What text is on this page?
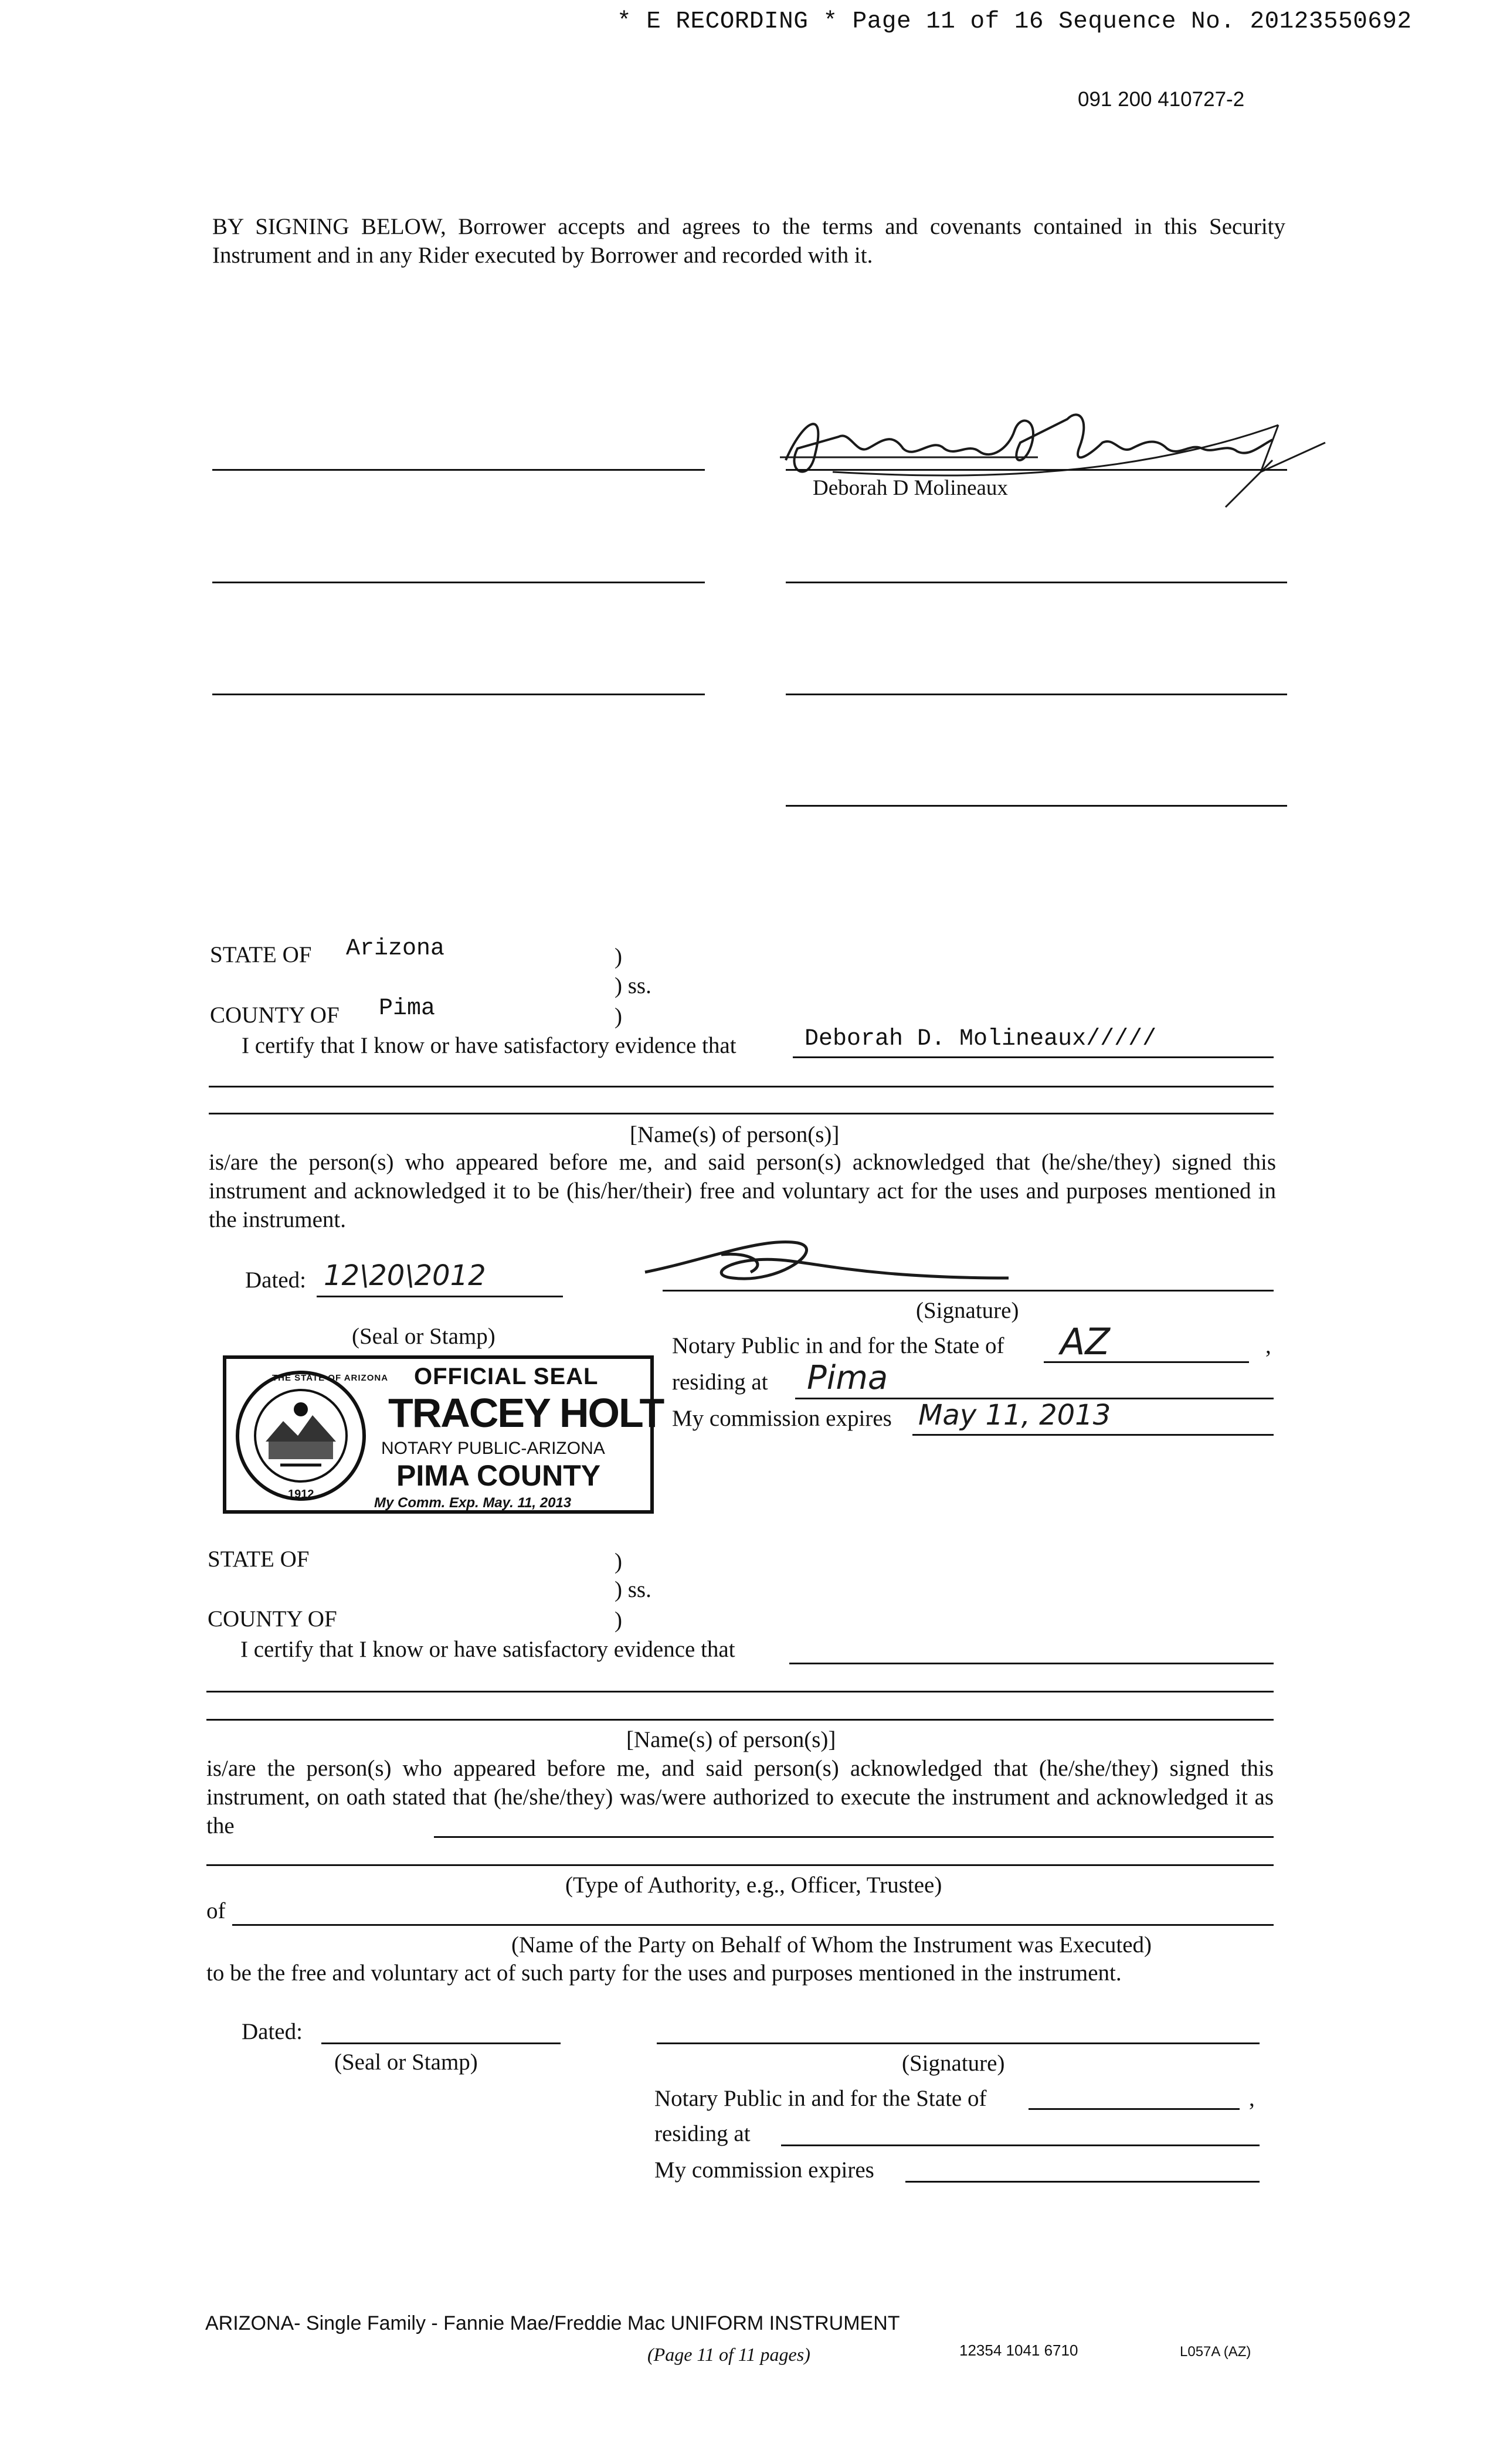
* E RECORDING * Page 11 of 16 Sequence No. 20123550692
091 200 410727-2
BY SIGNING BELOW, Borrower accepts and agrees to the terms and covenants contained in this Security Instrument and in any Rider executed by Borrower and recorded with it.
Deborah D Molineaux
STATE OF Arizona	)
) ss.
COUNTY OF Pima	)
I certify that I know or have satisfactory evidence that	Deborah D. Molineaux/////
[Name(s) of person(s)]
is/are the person(s) who appeared before me, and said person(s) acknowledged that (he/she/they) signed this instrument and acknowledged it to be (his/her/their) free and voluntary act for the uses and purposes mentioned in the instrument.
Dated: 12\20\2012
(Signature)
(Seal or Stamp)
THE STATE OF ARIZONA
1912
OFFICIAL SEAL
TRACEY HOLT
NOTARY PUBLIC-ARIZONA
PIMA COUNTY
My Comm. Exp. May. 11, 2013
Notary Public in and for the State of AZ	,
residing at Pima
My commission expires May 11, 2013
STATE OF	)
) ss.
COUNTY OF	)
I certify that I know or have satisfactory evidence that
[Name(s) of person(s)]
is/are the person(s) who appeared before me, and said person(s) acknowledged that (he/she/they) signed this instrument, on oath stated that (he/she/they) was/were authorized to execute the instrument and acknowledged it as the
(Type of Authority, e.g., Officer, Trustee)
of
(Name of the Party on Behalf of Whom the Instrument was Executed)
to be the free and voluntary act of such party for the uses and purposes mentioned in the instrument.
Dated:
(Seal or Stamp)	(Signature)
Notary Public in and for the State of	,
residing at
My commission expires
ARIZONA- Single Family - Fannie Mae/Freddie Mac UNIFORM INSTRUMENT
(Page 11 of 11 pages)	12354 1041 6710	L057A (AZ)
